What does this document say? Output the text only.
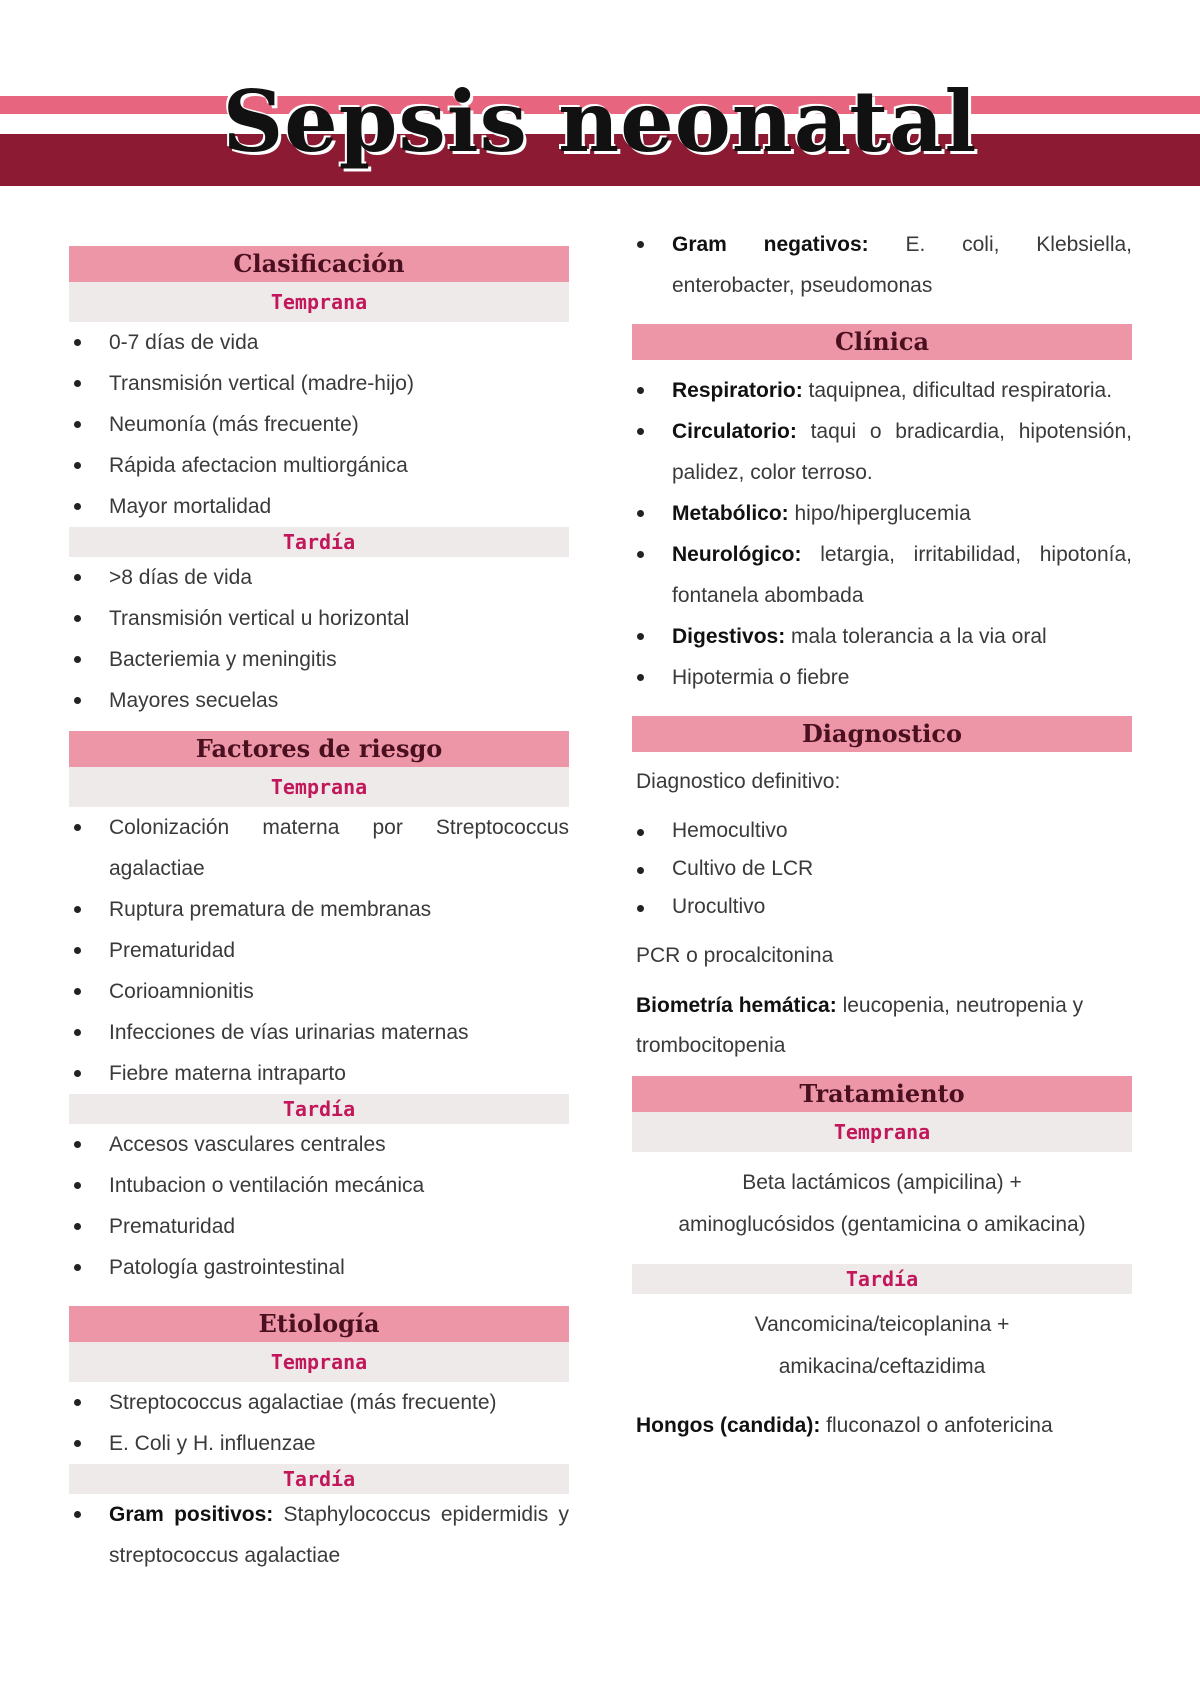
Sepsis neonatal
Clasificación
Temprana
0-7 días de vida
Transmisión vertical (madre-hijo)
Neumonía (más frecuente)
Rápida afectacion multiorgánica
Mayor mortalidad
Tardía
>8 días de vida
Transmisión vertical u horizontal
Bacteriemia y meningitis
Mayores secuelas
Factores de riesgo
Temprana
Colonización materna por Streptococcus agalactiae
Ruptura prematura de membranas
Prematuridad
Corioamnionitis
Infecciones de vías urinarias maternas
Fiebre materna intraparto
Tardía
Accesos vasculares centrales
Intubacion o ventilación mecánica
Prematuridad
Patología gastrointestinal
Etiología
Temprana
Streptococcus agalactiae (más frecuente)
E. Coli y H. influenzae
Tardía
Gram positivos: Staphylococcus epidermidis y streptococcus agalactiae
Gram negativos: E. coli, Klebsiella, enterobacter, pseudomonas
Clínica
Respiratorio: taquipnea, dificultad respiratoria.
Circulatorio: taqui o bradicardia, hipotensión, palidez, color terroso.
Metabólico: hipo/hiperglucemia
Neurológico: letargia, irritabilidad, hipotonía, fontanela abombada
Digestivos: mala tolerancia a la via oral
Hipotermia o fiebre
Diagnostico
Diagnostico definitivo:
Hemocultivo
Cultivo de LCR
Urocultivo
PCR o procalcitonina
Biometría hemática: leucopenia, neutropenia y trombocitopenia
Tratamiento
Temprana
Beta lactámicos (ampicilina) +
aminoglucósidos (gentamicina o amikacina)
Tardía
Vancomicina/teicoplanina +
amikacina/ceftazidima
Hongos (candida): fluconazol o anfotericina
